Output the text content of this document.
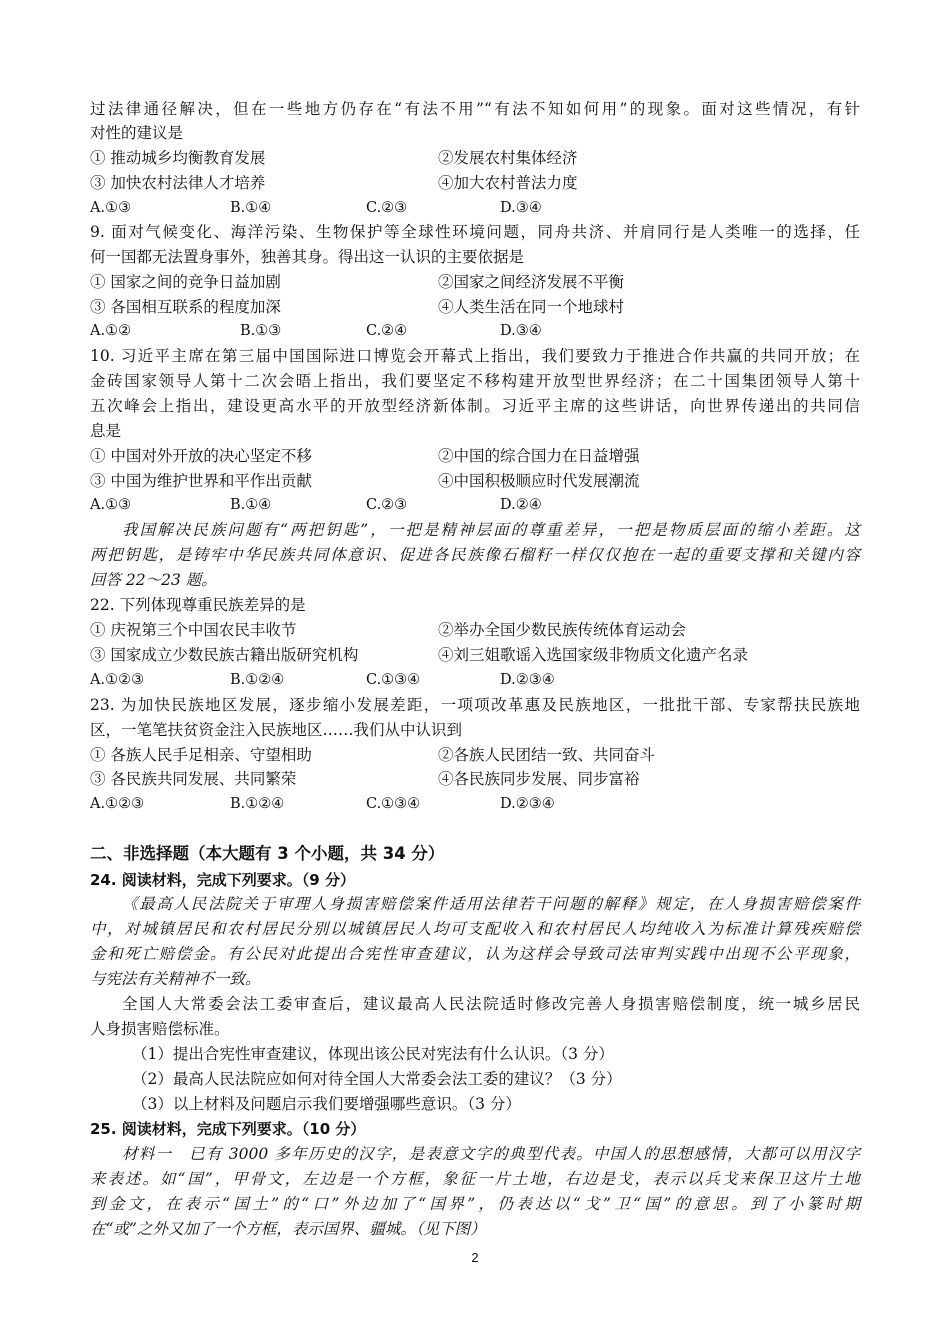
过法律通径解决，但在一些地方仍存在“有法不用”“有法不知如何用”的现象。面对这些情况，有针
对性的建议是
① 推动城乡均衡教育发展	②发展农村集体经济
③ 加快农村法律人才培养	④加大农村普法力度
A.①③	B.①④	C.②③	D.③④
9. 面对气候变化、海洋污染、生物保护等全球性环境问题，同舟共济、并肩同行是人类唯一的选择，任
何一国都无法置身事外，独善其身。得出这一认识的主要依据是
① 国家之间的竞争日益加剧	②国家之间经济发展不平衡
③ 各国相互联系的程度加深	④人类生活在同一个地球村
A.①②	B.①③	C.②④	D.③④
10. 习近平主席在第三届中国国际进口博览会开幕式上指出，我们要致力于推进合作共赢的共同开放；在
金砖国家领导人第十二次会晤上指出，我们要坚定不移构建开放型世界经济；在二十国集团领导人第十
五次峰会上指出，建设更高水平的开放型经济新体制。习近平主席的这些讲话，向世界传递出的共同信
息是
① 中国对外开放的决心坚定不移	②中国的综合国力在日益增强
③ 中国为维护世界和平作出贡献	④中国积极顺应时代发展潮流
A.①③	B.①④	C.②③	D.②④
我国解决民族问题有“两把钥匙”，一把是精神层面的尊重差异，一把是物质层面的缩小差距。这
两把钥匙，是铸牢中华民族共同体意识、促进各民族像石榴籽一样仅仅抱在一起的重要支撑和关键内容
回答 22～23 题。
22. 下列体现尊重民族差异的是
① 庆祝第三个中国农民丰收节	②举办全国少数民族传统体育运动会
③ 国家成立少数民族古籍出版研究机构	④刘三姐歌谣入选国家级非物质文化遗产名录
A.①②③	B.①②④	C.①③④	D.②③④
23. 为加快民族地区发展，逐步缩小发展差距，一项项改革惠及民族地区，一批批干部、专家帮扶民族地
区，一笔笔扶贫资金注入民族地区……我们从中认识到
① 各族人民手足相亲、守望相助	②各族人民团结一致、共同奋斗
③ 各民族共同发展、共同繁荣	④各民族同步发展、同步富裕
A.①②③	B.①②④	C.①③④	D.②③④
二、非选择题（本大题有 3 个小题，共 34 分）
24. 阅读材料，完成下列要求。（9 分）
《最高人民法院关于审理人身损害赔偿案件适用法律若干问题的解释》规定，在人身损害赔偿案件
中，对城镇居民和农村居民分别以城镇居民人均可支配收入和农村居民人均纯收入为标准计算残疾赔偿
金和死亡赔偿金。有公民对此提出合宪性审查建议，认为这样会导致司法审判实践中出现不公平现象，
与宪法有关精神不一致。
全国人大常委会法工委审查后，建议最高人民法院适时修改完善人身损害赔偿制度，统一城乡居民
人身损害赔偿标准。
（1）提出合宪性审查建议，体现出该公民对宪法有什么认识。（3 分）
（2）最高人民法院应如何对待全国人大常委会法工委的建议？（3 分）
（3）以上材料及问题启示我们要增强哪些意识。（3 分）
25. 阅读材料，完成下列要求。（10 分）
材料一　已有 3000 多年历史的汉字，是表意文字的典型代表。中国人的思想感情，大都可以用汉字
来表述。如“国”，甲骨文，左边是一个方框，象征一片土地，右边是戈，表示以兵戈来保卫这片土地
到金文，在表示“国土”的“口”外边加了“国界”，仍表达以“戈”卫“国”的意思。到了小篆时期
在“或”之外又加了一个方框，表示国界、疆城。（见下图）
2
